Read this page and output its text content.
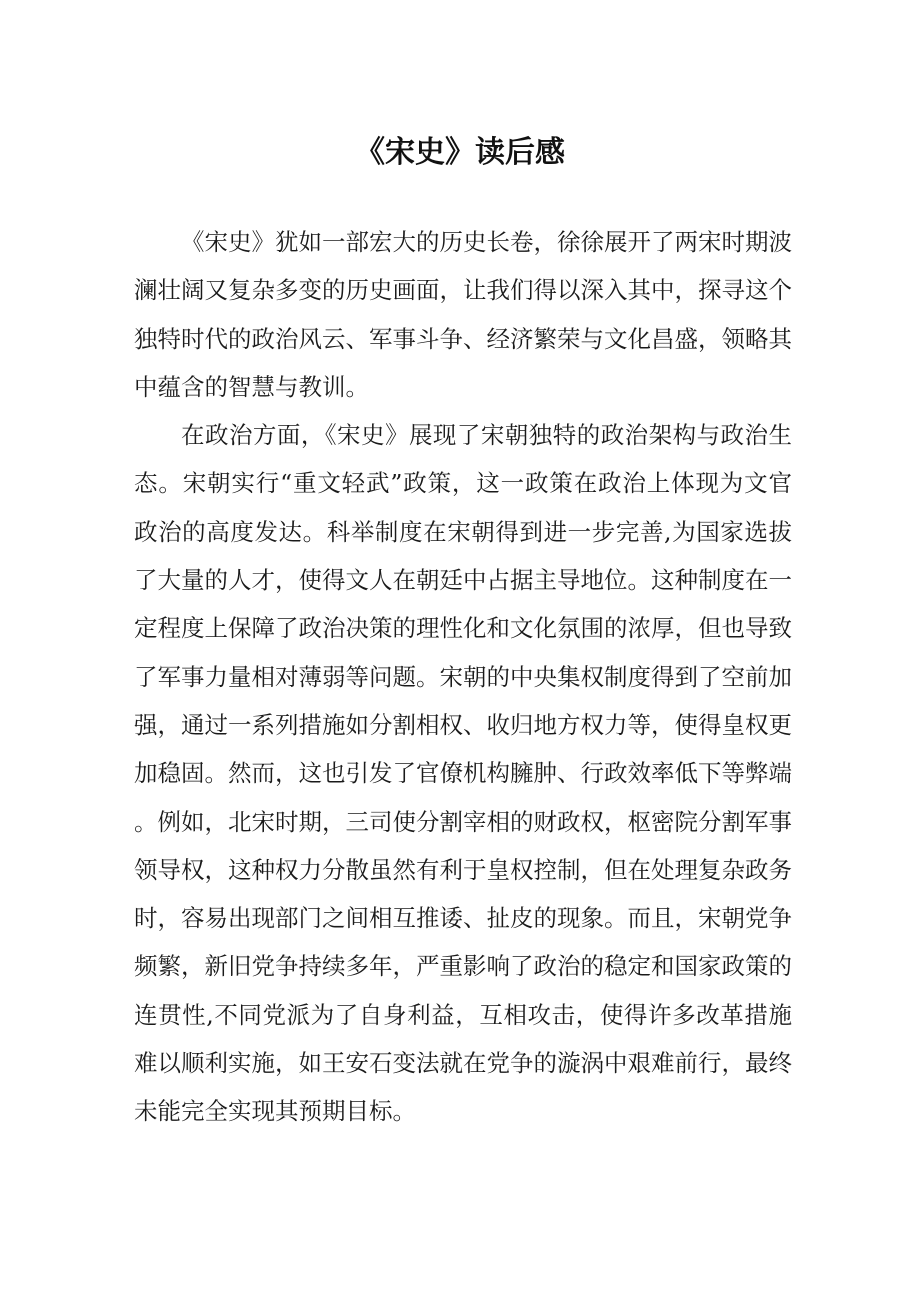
《宋史》读后感

《宋史》犹如一部宏大的历史长卷，徐徐展开了两宋时期波澜壮阔又复杂多变的历史画面，让我们得以深入其中，探寻这个独特时代的政治风云、军事斗争、经济繁荣与文化昌盛，领略其中蕴含的智慧与教训。

在政治方面，《宋史》展现了宋朝独特的政治架构与政治生态。宋朝实行“重文轻武”政策，这一政策在政治上体现为文官政治的高度发达。科举制度在宋朝得到进一步完善,为国家选拔了大量的人才，使得文人在朝廷中占据主导地位。这种制度在一定程度上保障了政治决策的理性化和文化氛围的浓厚，但也导致了军事力量相对薄弱等问题。宋朝的中央集权制度得到了空前加强，通过一系列措施如分割相权、收归地方权力等，使得皇权更加稳固。然而，这也引发了官僚机构臃肿、行政效率低下等弊端。例如，北宋时期，三司使分割宰相的财政权，枢密院分割军事领导权，这种权力分散虽然有利于皇权控制，但在处理复杂政务时，容易出现部门之间相互推诿、扯皮的现象。而且，宋朝党争频繁，新旧党争持续多年，严重影响了政治的稳定和国家政策的连贯性,不同党派为了自身利益，互相攻击，使得许多改革措施难以顺利实施，如王安石变法就在党争的漩涡中艰难前行，最终未能完全实现其预期目标。
